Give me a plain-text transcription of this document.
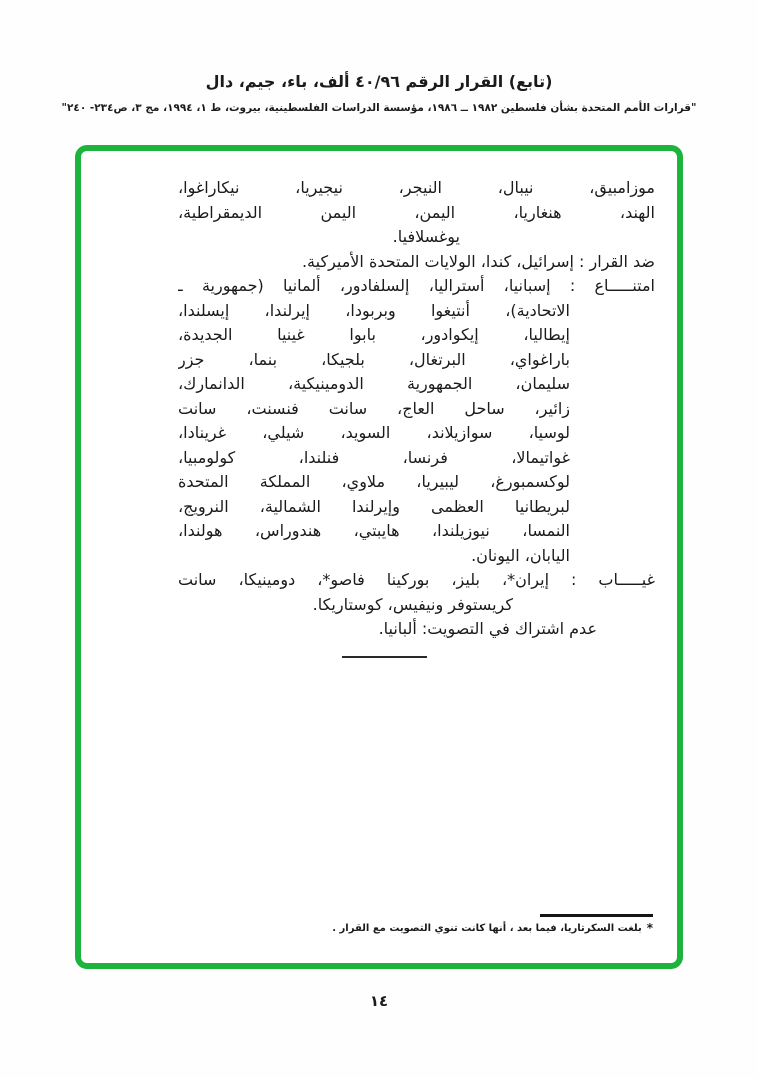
(تابع) القرار الرقم ٤٠/٩٦ ألف، باء، جيم، دال
"قرارات الأمم المتحدة بشأن فلسطين ١٩٨٢ ــ ١٩٨٦، مؤسسة الدراسات الفلسطينية، بيروت، ط ١، ١٩٩٤، مج ٣، ص٢٣٤- ٢٤٠"
موزامبيق، نيبال، النيجر، نيجيريا، نيكاراغوا،
الهند، هنغاريا، اليمن، اليمن الديمقراطية،
يوغسلافيا.
ضد القرار : إسرائيل، كندا، الولايات المتحدة الأميركية.
امتنـــــاع : إسبانيا، أستراليا، إلسلفادور، ألمانيا (جمهورية ـ
الاتحادية)، أنتيغوا وبربودا، إيرلندا، إيسلندا،
إيطاليا، إيكوادور، بابوا غينيا الجديدة،
باراغواي، البرتغال، بلجيكا، بنما، جزر
سليمان، الجمهورية الدومينيكية، الدانمارك،
زائير، ساحل العاج، سانت فنسنت، سانت
لوسيا، سوازيلاند، السويد، شيلي، غرينادا،
غواتيمالا، فرنسا، فنلندا، كولومبيا،
لوكسمبورغ، ليبيريا، ملاوي، المملكة المتحدة
لبريطانيا العظمى وإيرلندا الشمالية، النرويج،
النمسا، نيوزيلندا، هايبتي، هندوراس، هولندا،
اليابان، اليونان.
غيـــــاب : إيران*، بليز، بوركينا فاصو*، دومينيكا، سانت
كريستوفر ونيفيس، كوستاريكا.
عدم اشتراك في التصويت: ألبانيا.
*
بلغت السكرتاريا، فيما بعد ، أنها كانت تنوي التصويت مع القرار .
١٤
